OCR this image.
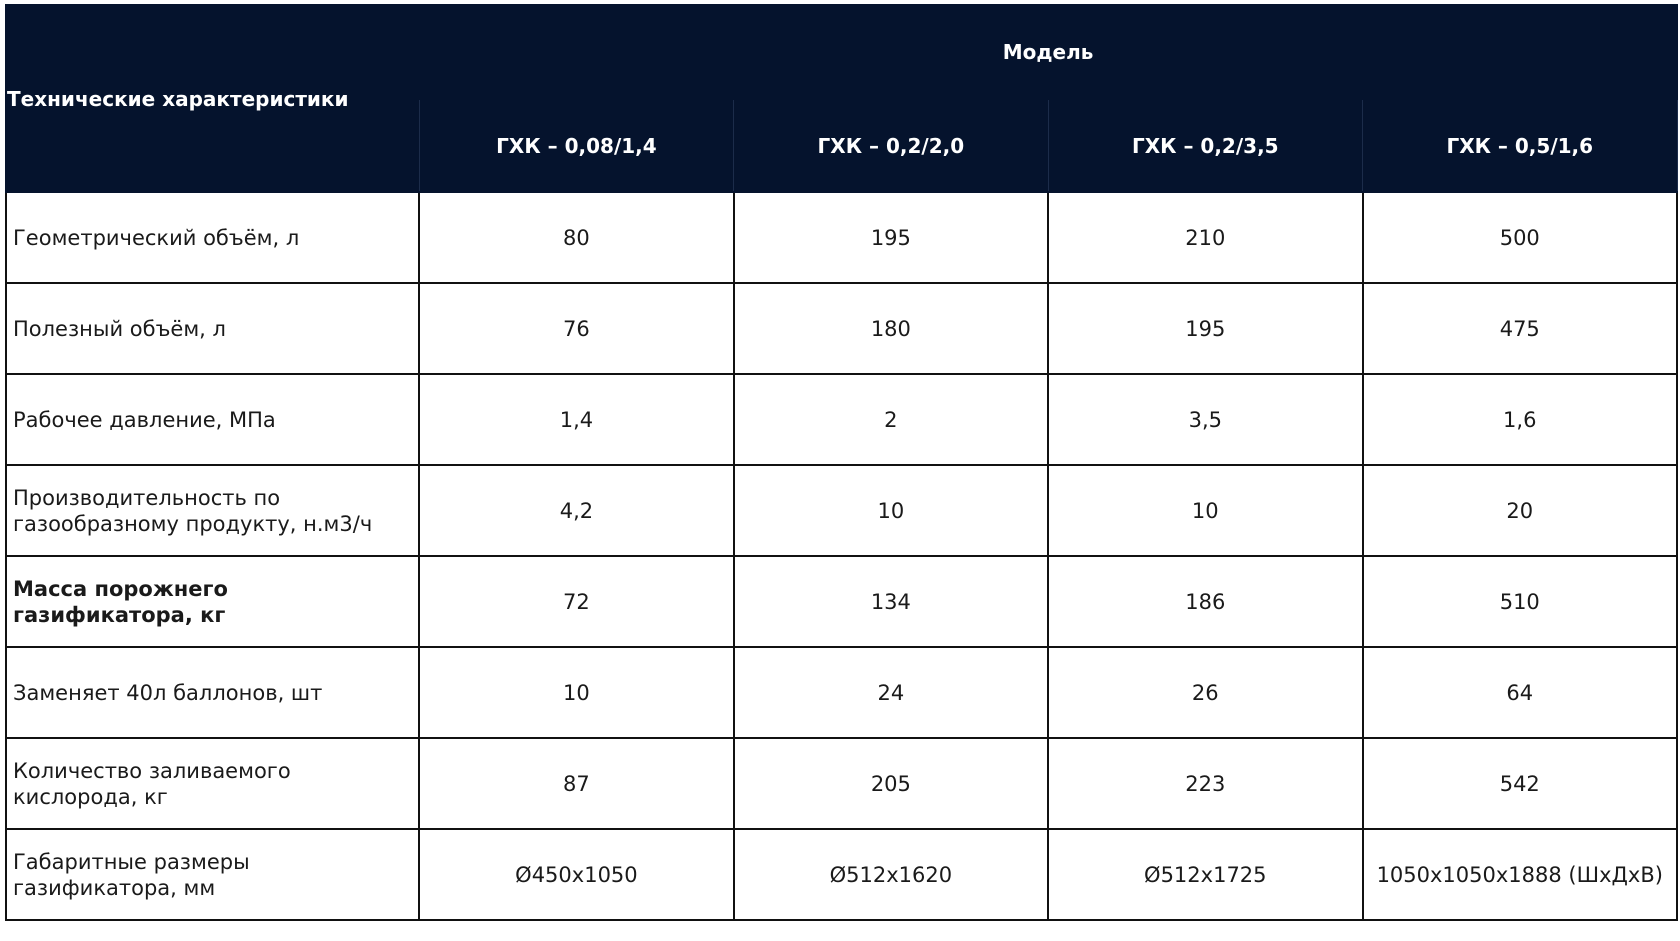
Технические характеристики	Модель			
	ГХК – 0,08/1,4	ГХК – 0,2/2,0	ГХК – 0,2/3,5	ГХК – 0,5/1,6
Геометрический объём, л	80	195	210	500
Полезный объём, л	76	180	195	475
Рабочее давление, МПа	1,4	2	3,5	1,6
Производительность по газообразному продукту, н.м3/ч	4,2	10	10	20
Масса порожнего газификатора, кг	72	134	186	510
Заменяет 40л баллонов, шт	10	24	26	64
Количество заливаемого кислорода, кг	87	205	223	542
Габаритные размеры газификатора, мм	Ø450x1050	Ø512x1620	Ø512x1725	1050x1050x1888 (ШхДхВ)
